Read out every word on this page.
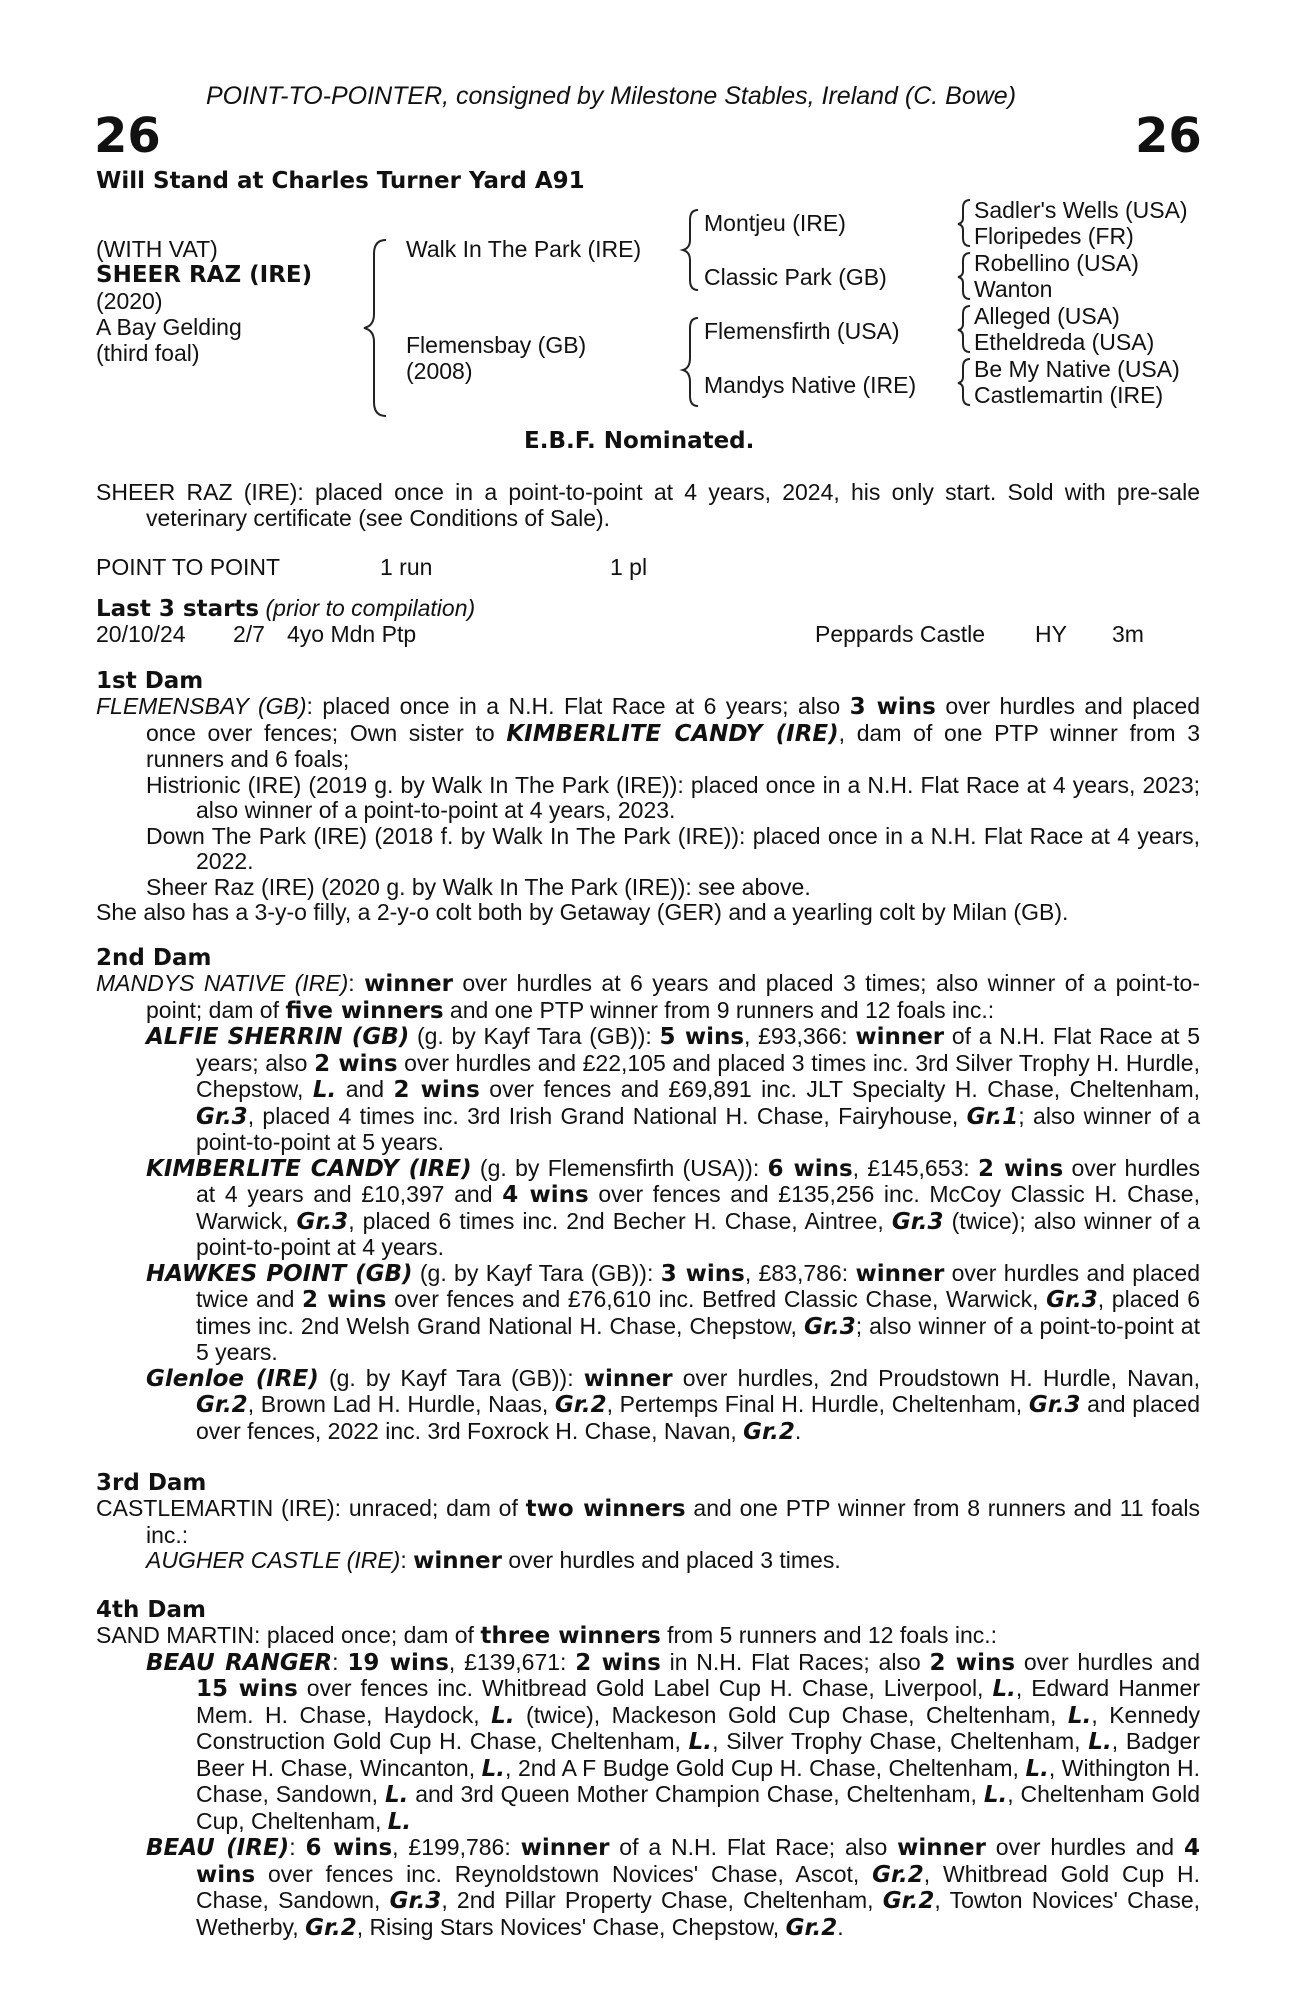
POINT-TO-POINTER, consigned by Milestone Stables, Ireland (C. Bowe)
26	26
Will Stand at Charles Turner Yard A91
(WITH VAT)
SHEER RAZ (IRE)
(2020)
A Bay Gelding
(third foal)
Walk In The Park (IRE)
Flemensbay (GB)
(2008)
Montjeu (IRE)
Classic Park (GB)
Flemensfirth (USA)
Mandys Native (IRE)
Sadler's Wells (USA)
Floripedes (FR)
Robellino (USA)
Wanton
Alleged (USA)
Etheldreda (USA)
Be My Native (USA)
Castlemartin (IRE)
E.B.F. Nominated.

SHEER RAZ (IRE): placed once in a point-to-point at 4 years, 2024, his only start. Sold with pre-sale veterinary certificate (see Conditions of Sale).

POINT TO POINT	1 run	1 pl
Last 3 starts (prior to compilation)
20/10/24 2/7 4yo Mdn Ptp	Peppards Castle HY 3m
1st Dam

FLEMENSBAY (GB): placed once in a N.H. Flat Race at 6 years; also 3 wins over hurdles and placed once over fences; Own sister to KIMBERLITE CANDY (IRE), dam of one PTP winner from 3 runners and 6 foals;

Histrionic (IRE) (2019 g. by Walk In The Park (IRE)): placed once in a N.H. Flat Race at 4 years, 2023; also winner of a point-to-point at 4 years, 2023.

Down The Park (IRE) (2018 f. by Walk In The Park (IRE)): placed once in a N.H. Flat Race at 4 years, 2022.

Sheer Raz (IRE) (2020 g. by Walk In The Park (IRE)): see above.

She also has a 3-y-o filly, a 2-y-o colt both by Getaway (GER) and a yearling colt by Milan (GB).

2nd Dam

MANDYS NATIVE (IRE): winner over hurdles at 6 years and placed 3 times; also winner of a point-to-point; dam of five winners and one PTP winner from 9 runners and 12 foals inc.:

ALFIE SHERRIN (GB) (g. by Kayf Tara (GB)): 5 wins, £93,366: winner of a N.H. Flat Race at 5 years; also 2 wins over hurdles and £22,105 and placed 3 times inc. 3rd Silver Trophy H. Hurdle, Chepstow, L. and 2 wins over fences and £69,891 inc. JLT Specialty H. Chase, Cheltenham, Gr.3, placed 4 times inc. 3rd Irish Grand National H. Chase, Fairyhouse, Gr.1; also winner of a point-to-point at 5 years.

KIMBERLITE CANDY (IRE) (g. by Flemensfirth (USA)): 6 wins, £145,653: 2 wins over hurdles at 4 years and £10,397 and 4 wins over fences and £135,256 inc. McCoy Classic H. Chase, Warwick, Gr.3, placed 6 times inc. 2nd Becher H. Chase, Aintree, Gr.3 (twice); also winner of a point-to-point at 4 years.

HAWKES POINT (GB) (g. by Kayf Tara (GB)): 3 wins, £83,786: winner over hurdles and placed twice and 2 wins over fences and £76,610 inc. Betfred Classic Chase, Warwick, Gr.3, placed 6 times inc. 2nd Welsh Grand National H. Chase, Chepstow, Gr.3; also winner of a point-to-point at 5 years.

Glenloe (IRE) (g. by Kayf Tara (GB)): winner over hurdles, 2nd Proudstown H. Hurdle, Navan, Gr.2, Brown Lad H. Hurdle, Naas, Gr.2, Pertemps Final H. Hurdle, Cheltenham, Gr.3 and placed over fences, 2022 inc. 3rd Foxrock H. Chase, Navan, Gr.2.

3rd Dam

CASTLEMARTIN (IRE): unraced; dam of two winners and one PTP winner from 8 runners and 11 foals inc.:

AUGHER CASTLE (IRE): winner over hurdles and placed 3 times.

4th Dam

SAND MARTIN: placed once; dam of three winners from 5 runners and 12 foals inc.:

BEAU RANGER: 19 wins, £139,671: 2 wins in N.H. Flat Races; also 2 wins over hurdles and 15 wins over fences inc. Whitbread Gold Label Cup H. Chase, Liverpool, L., Edward Hanmer Mem. H. Chase, Haydock, L. (twice), Mackeson Gold Cup Chase, Cheltenham, L., Kennedy Construction Gold Cup H. Chase, Cheltenham, L., Silver Trophy Chase, Cheltenham, L., Badger Beer H. Chase, Wincanton, L., 2nd A F Budge Gold Cup H. Chase, Cheltenham, L., Withington H. Chase, Sandown, L. and 3rd Queen Mother Champion Chase, Cheltenham, L., Cheltenham Gold Cup, Cheltenham, L.

BEAU (IRE): 6 wins, £199,786: winner of a N.H. Flat Race; also winner over hurdles and 4 wins over fences inc. Reynoldstown Novices' Chase, Ascot, Gr.2, Whitbread Gold Cup H. Chase, Sandown, Gr.3, 2nd Pillar Property Chase, Cheltenham, Gr.2, Towton Novices' Chase, Wetherby, Gr.2, Rising Stars Novices' Chase, Chepstow, Gr.2.
